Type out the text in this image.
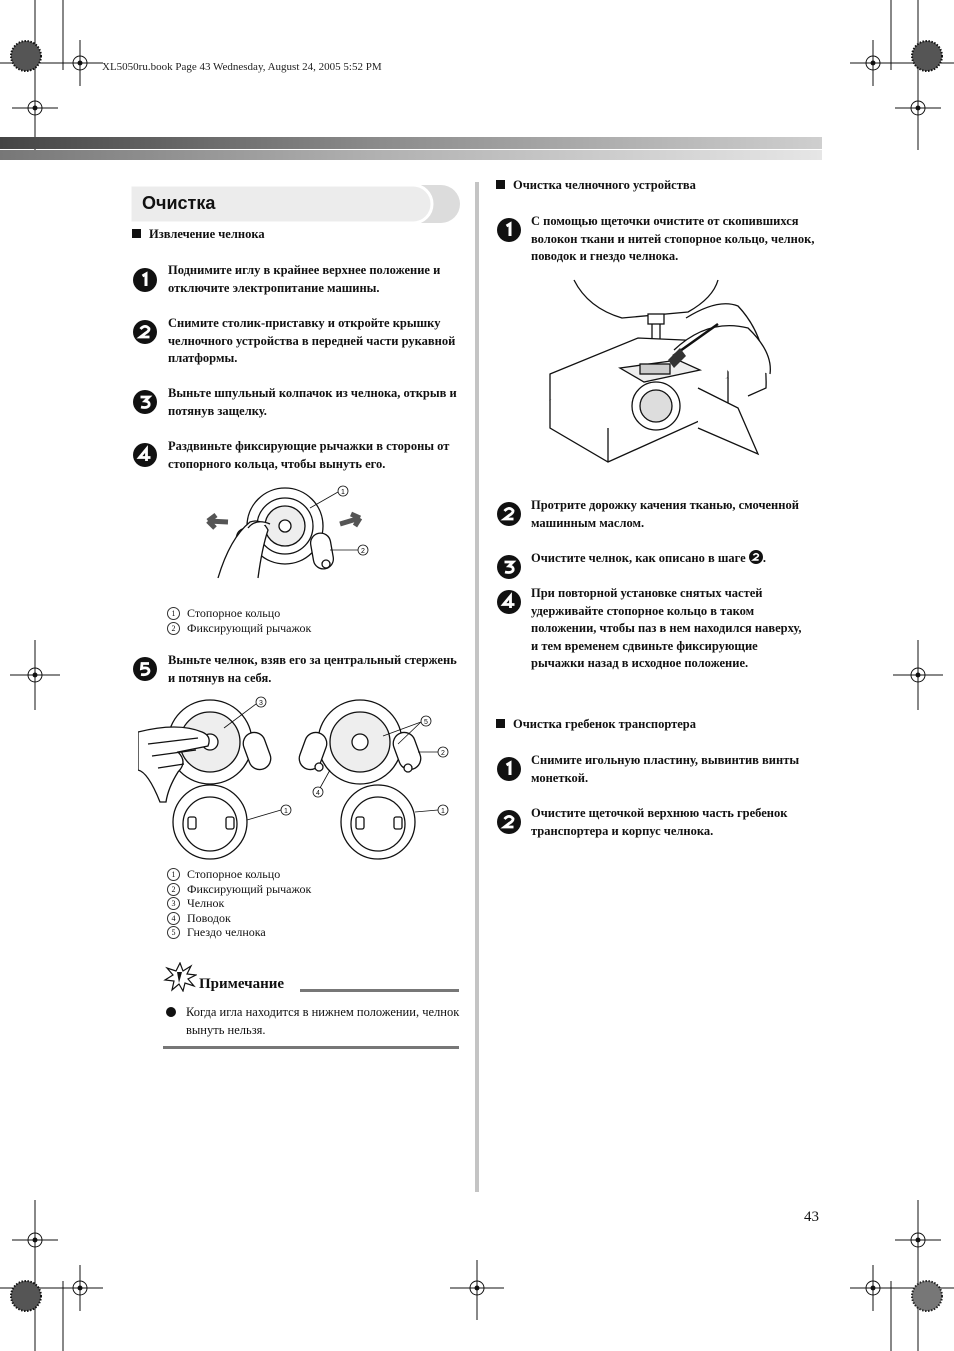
XL5050ru.book Page 43 Wednesday, August 24, 2005 5:52 PM
Очистка
Извлечение челнока
Поднимите иглу в крайнее верхнее положение и отключите электропитание машины.
Снимите столик-приставку и откройте крышку челночного устройства в передней части рукавной платформы.
Выньте шпульный колпачок из челнока, открыв и потянув защелку.
Раздвиньте фиксирующие рычажки в стороны от стопорного кольца, чтобы вынуть его.
1
2
1 Стопорное кольцо
2 Фиксирующий рычажок
Выньте челнок, взяв его за центральный стержень и потянув на себя.
3
1
5
2
4
1
1 Стопорное кольцо
2 Фиксирующий рычажок
3 Челнок
4 Поводок
5 Гнездо челнока
Примечание
Когда игла находится в нижнем положении, челнок вынуть нельзя.
Очистка челночного устройства
С помощью щеточки очистите от скопившихся волокон ткани и нитей стопорное кольцо, челнок, поводок и гнездо челнока.
Протрите дорожку качения тканью, смоченной машинным маслом.
Очистите челнок, как описано в шаге .
При повторной установке снятых частей удерживайте стопорное кольцо в таком положении, чтобы паз в нем находился наверху, и тем временем сдвиньте фиксирующие рычажки назад в исходное положение.
Очистка гребенок транспортера
Снимите игольную пластину, вывинтив винты монеткой.
Очистите щеточкой верхнюю часть гребенок транспортера и корпус челнока.
43
